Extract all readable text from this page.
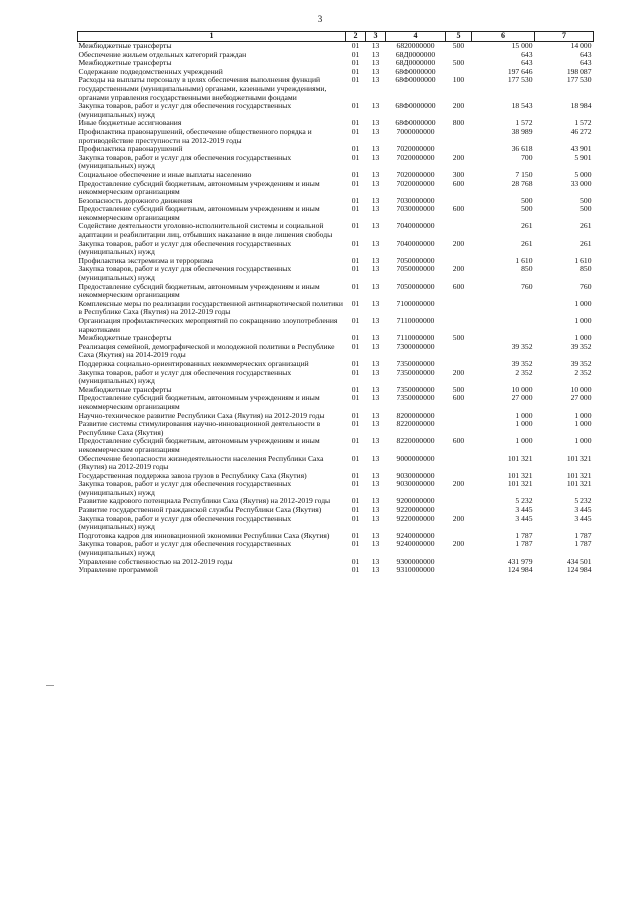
3
1	2	3	4	5	6	7
Межбюджетные трансферты	01	13	6820000000	500	15 000	14 000
Обеспечение жильем отдельных категорий граждан	01	13	68Д0000000		643	643
Межбюджетные трансферты	01	13	68Д0000000	500	643	643
Содержание подведомственных учреждений	01	13	68Ф0000000		197 646	198 087
Расходы на выплаты персоналу в целях обеспечения выполнения функций государственными (муниципальными) органами, казенными учреждениями, органами управления государственными внебюджетными фондами	01	13	68Ф0000000	100	177 530	177 530
Закупка товаров, работ и услуг для обеспечения государственных (муниципальных) нужд	01	13	68Ф0000000	200	18 543	18 984
Иные бюджетные ассигнования	01	13	68Ф0000000	800	1 572	1 572
Профилактика правонарушений, обеспечение общественного порядка и противодействие преступности на 2012-2019 годы	01	13	7000000000		38 989	46 272
Профилактика правонарушений	01	13	7020000000		36 618	43 901
Закупка товаров, работ и услуг для обеспечения государственных (муниципальных) нужд	01	13	7020000000	200	700	5 901
Социальное обеспечение и иные выплаты населению	01	13	7020000000	300	7 150	5 000
Предоставление субсидий бюджетным, автономным учреждениям и иным некоммерческим организациям	01	13	7020000000	600	28 768	33 000
Безопасность дорожного движения	01	13	7030000000		500	500
Предоставление субсидий бюджетным, автономным учреждениям и иным некоммерческим организациям	01	13	7030000000	600	500	500
Содействие деятельности уголовно-исполнительной системы и социальной адаптации и реабилитации лиц, отбывших наказание в виде лишения свободы	01	13	7040000000		261	261
Закупка товаров, работ и услуг для обеспечения государственных (муниципальных) нужд	01	13	7040000000	200	261	261
Профилактика экстремизма и терроризма	01	13	7050000000		1 610	1 610
Закупка товаров, работ и услуг для обеспечения государственных (муниципальных) нужд	01	13	7050000000	200	850	850
Предоставление субсидий бюджетным, автономным учреждениям и иным некоммерческим организациям	01	13	7050000000	600	760	760
Комплексные меры по реализации государственной антинаркотической политики в Республике Саха (Якутия) на 2012-2019 годы	01	13	7100000000			1 000
Организация профилактических мероприятий по сокращению злоупотребления наркотиками	01	13	7110000000			1 000
Межбюджетные трансферты	01	13	7110000000	500		1 000
Реализация семейной, демографической и молодежной политики в Республике Саха (Якутия) на 2014-2019 годы	01	13	7300000000		39 352	39 352
Поддержка социально-ориентированных некоммерческих организаций	01	13	7350000000		39 352	39 352
Закупка товаров, работ и услуг для обеспечения государственных (муниципальных) нужд	01	13	7350000000	200	2 352	2 352
Межбюджетные трансферты	01	13	7350000000	500	10 000	10 000
Предоставление субсидий бюджетным, автономным учреждениям и иным некоммерческим организациям	01	13	7350000000	600	27 000	27 000
Научно-техническое развитие Республики Саха (Якутия) на 2012-2019 годы	01	13	8200000000		1 000	1 000
Развитие системы стимулирования научно-инновационной деятельности в Республике Саха (Якутия)	01	13	8220000000		1 000	1 000
Предоставление субсидий бюджетным, автономным учреждениям и иным некоммерческим организациям	01	13	8220000000	600	1 000	1 000
Обеспечение безопасности жизнедеятельности населения Республики Саха (Якутия) на 2012-2019 годы	01	13	9000000000		101 321	101 321
Государственная поддержка завоза грузов в Республику Саха (Якутия)	01	13	9030000000		101 321	101 321
Закупка товаров, работ и услуг для обеспечения государственных (муниципальных) нужд	01	13	9030000000	200	101 321	101 321
Развитие кадрового потенциала Республики Саха (Якутия) на 2012-2019 годы	01	13	9200000000		5 232	5 232
Развитие государственной гражданской службы Республики Саха (Якутия)	01	13	9220000000		3 445	3 445
Закупка товаров, работ и услуг для обеспечения государственных (муниципальных) нужд	01	13	9220000000	200	3 445	3 445
Подготовка кадров для инновационной экономики Республики Саха (Якутия)	01	13	9240000000		1 787	1 787
Закупка товаров, работ и услуг для обеспечения государственных (муниципальных) нужд	01	13	9240000000	200	1 787	1 787
Управление собственностью на 2012-2019 годы	01	13	9300000000		431 979	434 501
Управление программой	01	13	9310000000		124 984	124 984
